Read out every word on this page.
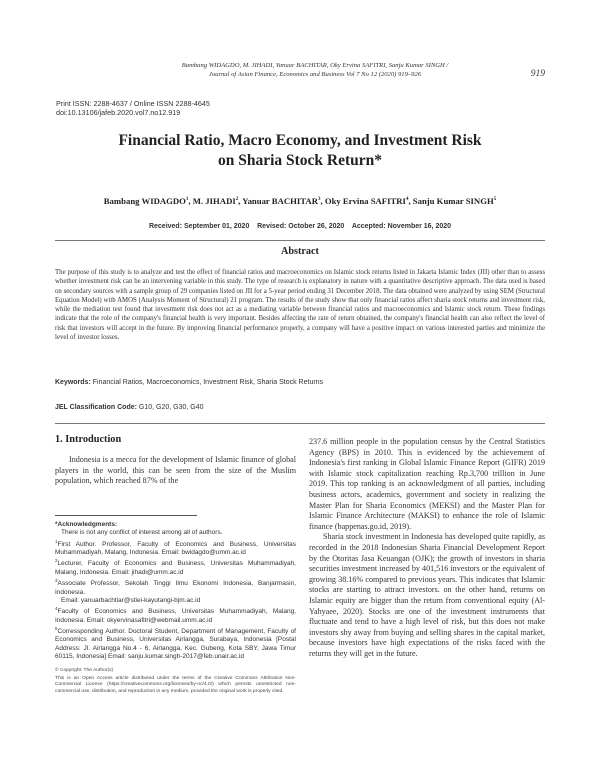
Bambang WIDAGDO, M. JIHADI, Yanuar BACHITAR, Oky Ervina SAFITRI, Sanju Kumar SINGH /
Journal of Asian Finance, Economics and Business Vol 7 No 12 (2020) 919–926	919
Print ISSN: 2288-4637 / Online ISSN 2288-4645
doi:10.13106/jafeb.2020.vol7.no12.919
Financial Ratio, Macro Economy, and Investment Risk
on Sharia Stock Return*
Bambang WIDAGDO$^1$, M. JIHADI$^2$, Yanuar BACHITAR$^3$, Oky Ervina SAFITRI$^4$, Sanju Kumar SINGH$^5$
Received: September 01, 2020 Revised: October 26, 2020 Accepted: November 16, 2020
Abstract
The purpose of this study is to analyze and test the effect of financial ratios and macroeconomics on Islamic stock returns listed in Jakarta Islamic Index (JII) other than to assess whether investment risk can be an intervening variable in this study. The type of research is explanatory in nature with a quantitative descriptive approach. The data used is based on secondary sources with a sample group of 29 companies listed on JII for a 5-year period ending 31 December 2018. The data obtained were analyzed by using SEM (Structural Equation Model) with AMOS (Analysis Moment of Structural) 21 program. The results of the study show that only financial ratios affect sharia stock returns and investment risk, while the mediation test found that investment risk does not act as a mediating variable between financial ratios and macroeconomics and Islamic stock return. These findings indicate that the role of the company's financial health is very important. Besides affecting the rate of return obtained, the company's financial health can also reflect the level of risk that investors will accept in the future. By improving financial performance properly, a company will have a positive impact on various interested parties and minimize the level of investor losses.
Keywords: Financial Ratios, Macroeconomics, Investment Risk, Sharia Stock Returns
JEL Classification Code: G10, G20, G30, G40
1. Introduction

Indonesia is a mecca for the development of Islamic finance of global players in the world, this can be seen from the size of the Muslim population, which reached 87% of the

*Acknowledgments:

There is not any conflict of interest among all of authors.

$^1$First Author. Professor, Faculty of Economics and Business, Universitas Muhammadiyah, Malang, Indonesia. Email: bwidagdo@umm.ac.id

$^2$Lecturer, Faculty of Economics and Business, Universitas Muhammadiyah, Malang, Indonesia. Email: jihadi@umm.ac.id

$^3$Associate Professor, Sekolah Tinggi Ilmu Ekonomi Indonesia, Banjarmasin, Indonesia.

Email: yanuarbachtiar@stiei-kayutangi-bjm.ac.id

$^4$Faculty of Economics and Business, Universitas Muhammadiyah, Malang, Indonesia. Email: okyervinasafitri@webmail.umm.ac.id

$^5$Corressponding Author. Doctoral Student, Department of Management, Faculty of Economics and Business, Universitas Airlangga, Surabaya, Indonesia [Postal Address: Jl. Airlangga No.4 - 6, Airlangga, Kec. Gubeng, Kota SBY, Jawa Timur 60115, Indonesia] Email: sanju.kumar.singh-2017@feb.unair.ac.id

© Copyright: The Author(s)

This is an Open Access article distributed under the terms of the Creative Commons Attribution Non-Commercial License (https://creativecommons.org/licenses/by-nc/4.0/) which permits unrestricted non-commercial use, distribution, and reproduction in any medium, provided the original work is properly cited.

237.6 million people in the population census by the Central Statistics Agency (BPS) in 2010. This is evidenced by the achievement of Indonesia's first ranking in Global Islamic Finance Report (GIFR) 2019 with Islamic stock capitalization reaching Rp.3,700 trillion in June 2019. This top ranking is an acknowledgment of all parties, including business actors, academics, government and society in realizing the Master Plan for Sharia Economics (MEKSI) and the Master Plan for Islamic Finance Architecture (MAKSI) to enhance the role of Islamic finance (bappenas.go.id, 2019).

Sharia stock investment in Indonesia has developed quite rapidly, as recorded in the 2018 Indonesian Sharia Financial Development Report by the Otoritas Jasa Keuangan (OJK); the growth of investors in sharia securities investment increased by 401,516 investors or the equivalent of growing 38.16% compared to previous years. This indicates that Islamic stocks are starting to attract investors. on the other hand, returns on Islamic equity are bigger than the return from conventional equity (Al-Yahyaee, 2020). Stocks are one of the investment instruments that fluctuate and tend to have a high level of risk, but this does not make investors shy away from buying and selling shares in the capital market, because investors have high expectations of the risks faced with the returns they will get in the future.
